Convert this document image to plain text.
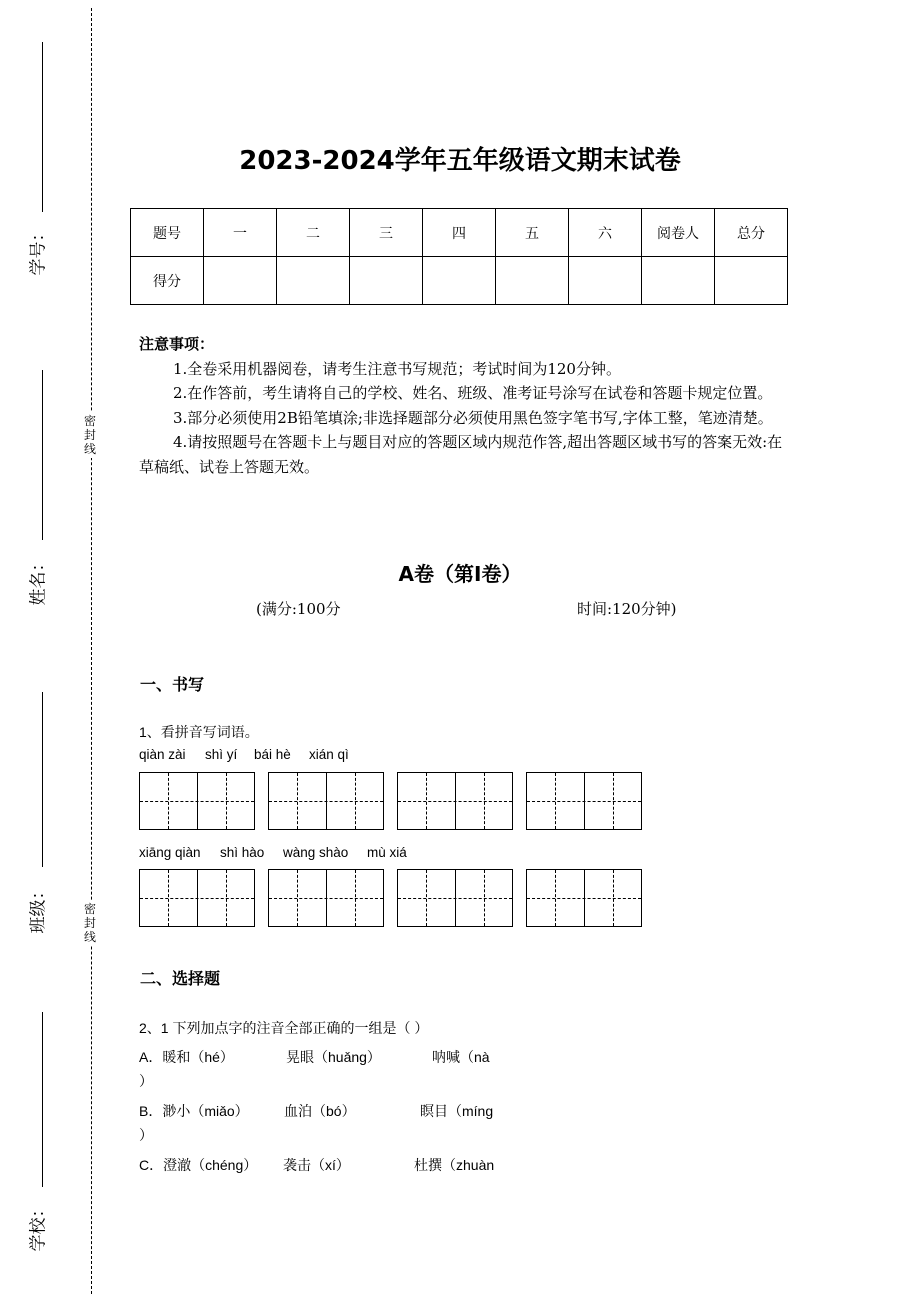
学号：
姓名：
班级：
学校：
密封线
密封线
2023-2024学年五年级语文期末试卷
题号	一	二	三	四	五	六	阅卷人	总分
得分								
注意事项：

1.全卷采用机器阅卷，请考生注意书写规范；考试时间为120分钟。

2.在作答前，考生请将自己的学校、姓名、班级、准考证号涂写在试卷和答题卡规定位置。

3.部分必须使用2B铅笔填涂;非选择题部分必须使用黑色签字笔书写,字体工整，笔迹清楚。

4.请按照题号在答题卡上与题目对应的答题区域内规范作答,超出答题区域书写的答案无效:在草稿纸、试卷上答题无效。

A卷（第I卷）
(满分:100分	时间:120分钟)
一、书写
1、看拼音写词语。
qiàn zài shì yí bái hè xián qì
xiāng qiàn shì hào wàng shào mù xiá
二、选择题
2、1 下列加点字的注音全部正确的一组是（ ）
A．暖和（hé）	晃眼（huǎng）	呐喊（nà
）
B．渺小（miǎo）	血泊（bó）	瞑目（míng
）
C．澄澈（chéng） 袭击（xí）	杜撰（zhuàn
